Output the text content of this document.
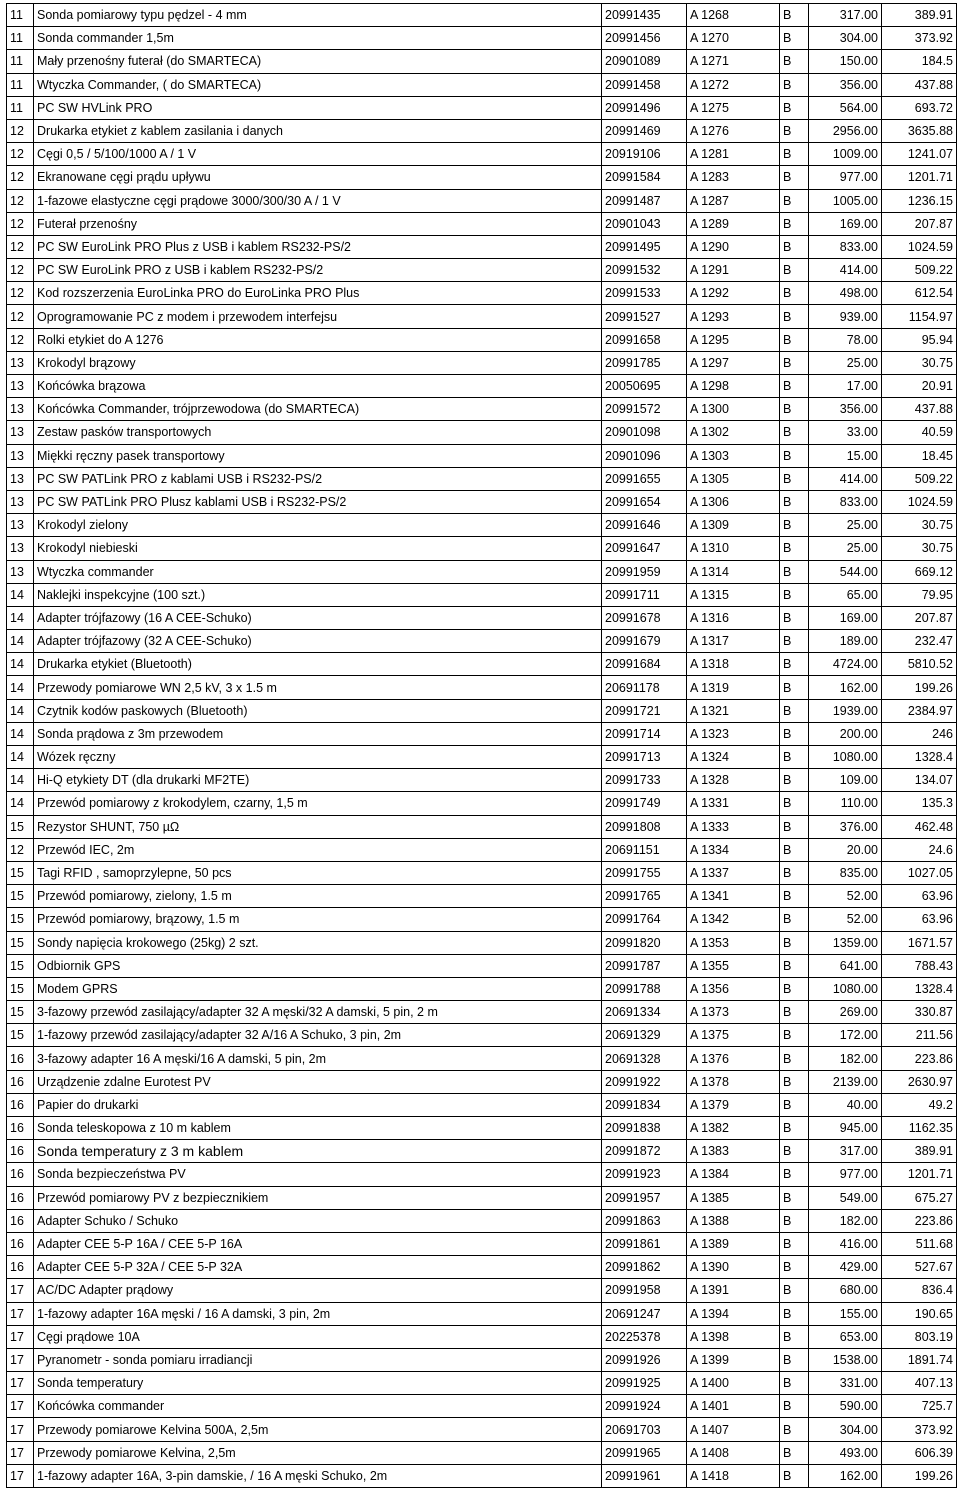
11	Sonda pomiarowy typu pędzel - 4 mm	20991435	A 1268	B	317.00	389.91
11	Sonda commander 1,5m	20991456	A 1270	B	304.00	373.92
11	Mały przenośny futerał (do SMARTECA)	20901089	A 1271	B	150.00	184.5
11	Wtyczka Commander, ( do SMARTECA)	20991458	A 1272	B	356.00	437.88
11	PC SW HVLink PRO	20991496	A 1275	B	564.00	693.72
12	Drukarka etykiet z kablem zasilania i danych	20991469	A 1276	B	2956.00	3635.88
12	Cęgi 0,5 / 5/100/1000 A / 1 V	20919106	A 1281	B	1009.00	1241.07
12	Ekranowane cęgi prądu upływu	20991584	A 1283	B	977.00	1201.71
12	1-fazowe elastyczne cęgi prądowe 3000/300/30 A / 1 V	20991487	A 1287	B	1005.00	1236.15
12	Futerał przenośny	20901043	A 1289	B	169.00	207.87
12	PC SW EuroLink PRO Plus z USB i kablem RS232-PS/2	20991495	A 1290	B	833.00	1024.59
12	PC SW EuroLink PRO z USB i kablem RS232-PS/2	20991532	A 1291	B	414.00	509.22
12	Kod rozszerzenia EuroLinka PRO do EuroLinka PRO Plus	20991533	A 1292	B	498.00	612.54
12	Oprogramowanie PC z modem i przewodem interfejsu	20991527	A 1293	B	939.00	1154.97
12	Rolki etykiet do A 1276	20991658	A 1295	B	78.00	95.94
13	Krokodyl brązowy	20991785	A 1297	B	25.00	30.75
13	Końcówka brązowa	20050695	A 1298	B	17.00	20.91
13	Końcówka Commander, trójprzewodowa (do SMARTECA)	20991572	A 1300	B	356.00	437.88
13	Zestaw pasków transportowych	20901098	A 1302	B	33.00	40.59
13	Miękki ręczny pasek transportowy	20901096	A 1303	B	15.00	18.45
13	PC SW PATLink PRO z kablami USB i RS232-PS/2	20991655	A 1305	B	414.00	509.22
13	PC SW PATLink PRO Plusz kablami USB i RS232-PS/2	20991654	A 1306	B	833.00	1024.59
13	Krokodyl zielony	20991646	A 1309	B	25.00	30.75
13	Krokodyl niebieski	20991647	A 1310	B	25.00	30.75
13	Wtyczka commander	20991959	A 1314	B	544.00	669.12
14	Naklejki inspekcyjne (100 szt.)	20991711	A 1315	B	65.00	79.95
14	Adapter trójfazowy (16 A CEE-Schuko)	20991678	A 1316	B	169.00	207.87
14	Adapter trójfazowy (32 A CEE-Schuko)	20991679	A 1317	B	189.00	232.47
14	Drukarka etykiet (Bluetooth)	20991684	A 1318	B	4724.00	5810.52
14	Przewody pomiarowe WN 2,5 kV, 3 x 1.5 m	20691178	A 1319	B	162.00	199.26
14	Czytnik kodów paskowych (Bluetooth)	20991721	A 1321	B	1939.00	2384.97
14	Sonda prądowa z 3m przewodem	20991714	A 1323	B	200.00	246
14	Wózek ręczny	20991713	A 1324	B	1080.00	1328.4
14	Hi-Q etykiety DT (dla drukarki MF2TE)	20991733	A 1328	B	109.00	134.07
14	Przewód pomiarowy z krokodylem, czarny, 1,5 m	20991749	A 1331	B	110.00	135.3
15	Rezystor SHUNT, 750 µΩ	20991808	A 1333	B	376.00	462.48
12	Przewód IEC, 2m	20691151	A 1334	B	20.00	24.6
15	Tagi RFID , samoprzylepne, 50 pcs	20991755	A 1337	B	835.00	1027.05
15	Przewód pomiarowy, zielony, 1.5 m	20991765	A 1341	B	52.00	63.96
15	Przewód pomiarowy, brązowy, 1.5 m	20991764	A 1342	B	52.00	63.96
15	Sondy napięcia krokowego (25kg) 2 szt.	20991820	A 1353	B	1359.00	1671.57
15	Odbiornik GPS	20991787	A 1355	B	641.00	788.43
15	Modem GPRS	20991788	A 1356	B	1080.00	1328.4
15	3-fazowy przewód zasilający/adapter 32 A męski/32 A damski, 5 pin, 2 m	20691334	A 1373	B	269.00	330.87
15	1-fazowy przewód zasilający/adapter 32 A/16 A Schuko, 3 pin, 2m	20691329	A 1375	B	172.00	211.56
16	3-fazowy adapter 16 A męski/16 A damski, 5 pin, 2m	20691328	A 1376	B	182.00	223.86
16	Urządzenie zdalne Eurotest PV	20991922	A 1378	B	2139.00	2630.97
16	Papier do drukarki	20991834	A 1379	B	40.00	49.2
16	Sonda teleskopowa z 10 m kablem	20991838	A 1382	B	945.00	1162.35
16	Sonda temperatury z 3 m kablem	20991872	A 1383	B	317.00	389.91
16	Sonda bezpieczeństwa PV	20991923	A 1384	B	977.00	1201.71
16	Przewód pomiarowy PV z bezpiecznikiem	20991957	A 1385	B	549.00	675.27
16	Adapter Schuko / Schuko	20991863	A 1388	B	182.00	223.86
16	Adapter CEE 5-P 16A / CEE 5-P 16A	20991861	A 1389	B	416.00	511.68
16	Adapter CEE 5-P 32A / CEE 5-P 32A	20991862	A 1390	B	429.00	527.67
17	AC/DC Adapter prądowy	20991958	A 1391	B	680.00	836.4
17	1-fazowy adapter 16A męski / 16 A damski, 3 pin, 2m	20691247	A 1394	B	155.00	190.65
17	Cęgi prądowe 10A	20225378	A 1398	B	653.00	803.19
17	Pyranometr - sonda pomiaru irradiancji	20991926	A 1399	B	1538.00	1891.74
17	Sonda temperatury	20991925	A 1400	B	331.00	407.13
17	Końcówka commander	20991924	A 1401	B	590.00	725.7
17	Przewody pomiarowe Kelvina 500A, 2,5m	20691703	A 1407	B	304.00	373.92
17	Przewody pomiarowe Kelvina, 2,5m	20991965	A 1408	B	493.00	606.39
17	1-fazowy adapter 16A, 3-pin damskie, / 16 A męski Schuko, 2m	20991961	A 1418	B	162.00	199.26
